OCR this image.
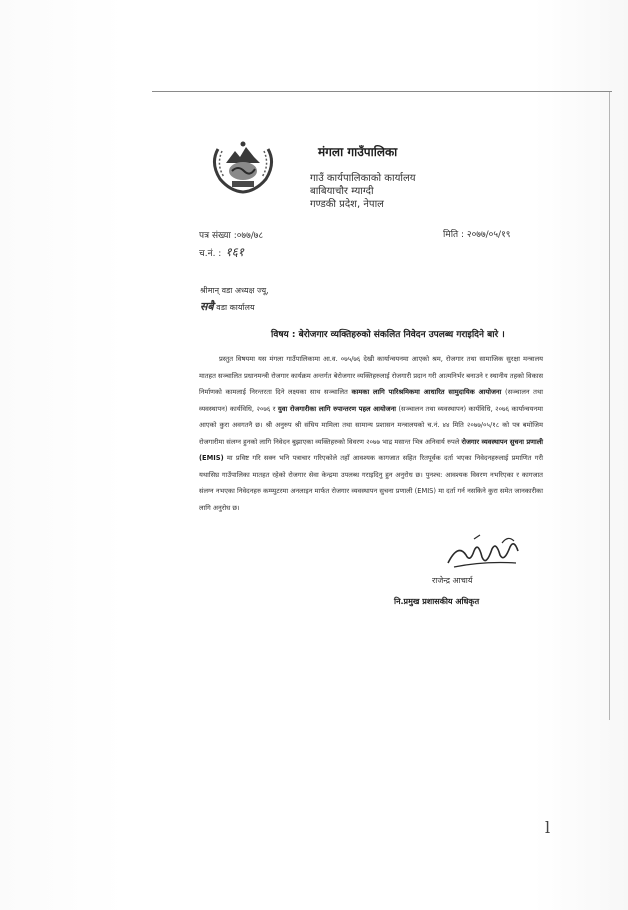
मंगला गाउँपालिका
गाउँ कार्यपालिकाको कार्यालय
बाबियाचौर म्याग्दी
गण्डकी प्रदेश, नेपाल
पत्र संख्या :०७७/७८	मिति : २०७७/०५/१९
च.नं. : १६१
श्रीमान् वडा अध्यक्ष ज्यू,
सबै वडा कार्यालय
विषय : बेरोजगार व्यक्तिहरुको संकलित निवेदन उपलब्ध गराइदिने बारे ।

प्रस्तुत विषयमा यस मंगला गाउँपालिकामा आ.व. ०७५/७६ देखी कार्यान्वयनमा आएको श्रम, रोजगार तथा सामाजिक सुरक्षा मन्त्रालय मातहत सञ्चालित प्रधानमन्त्री रोजगार कार्यक्रम अन्तर्गत बेरोजगार व्यक्तिहरुलाई रोजगारी प्रदान गरी आत्मनिर्भर बनाउने र स्थानीय तहको विकास निर्माणको कामलाई निरन्तरता दिने लक्ष्यका साथ सञ्चालित कामका लागि पारिश्रमिकमा आधारित सामुदायिक आयोजना (सञ्चालन तथा व्यवस्थापन) कार्यविधि, २०७६ र युवा रोजगारीका लागि रुपान्तरण पहल आयोजना (सञ्चालन तथा व्यवस्थापन) कार्यविधि, २०७६ कार्यान्वयनमा आएको कुरा अवगतनै छ। श्री अनुरुप श्री संघिय मामिला तथा सामान्य प्रशासन मन्त्रालयको च.नं. ४४ मिति २०७७/०५/१८ को पत्र बमोजिम रोजगारीमा संलग्न हुनको लागि निवेदन बुझाएका व्यक्तिहरुको विवरण २०७७ भाद्र मसान्त भित्र अनिवार्य रुपले रोजगार व्यवस्थापन सुचना प्रणाली (EMIS) मा प्रविष्ट गरि सक्न भनि पत्राचार गरिएकोले तहाँ आवश्यक कागजात सहित रितपूर्वक दर्ता भएका निवेदनहरुलाई प्रमाणित गरी यथासिघ्र गाउँपालिका मातहत रहेको रोजगार सेवा केन्द्रमा उपलब्ध गराइदिनु हुन अनुरोध छ। पुनश्च: आवश्यक विवरण नभरिएका र कागजात संलग्न नभएका निवेदनहरु कम्प्युटरमा अनलाइन मार्फत रोजगार व्यवस्थापन सुचना प्रणाली (EMIS) मा दर्ता गर्न नसकिने कुरा समेत जानकारीका लागि अनुरोध छ।

राजेन्द्र आचार्य
नि.प्रमुख प्रशासकीय अधिकृत
l
